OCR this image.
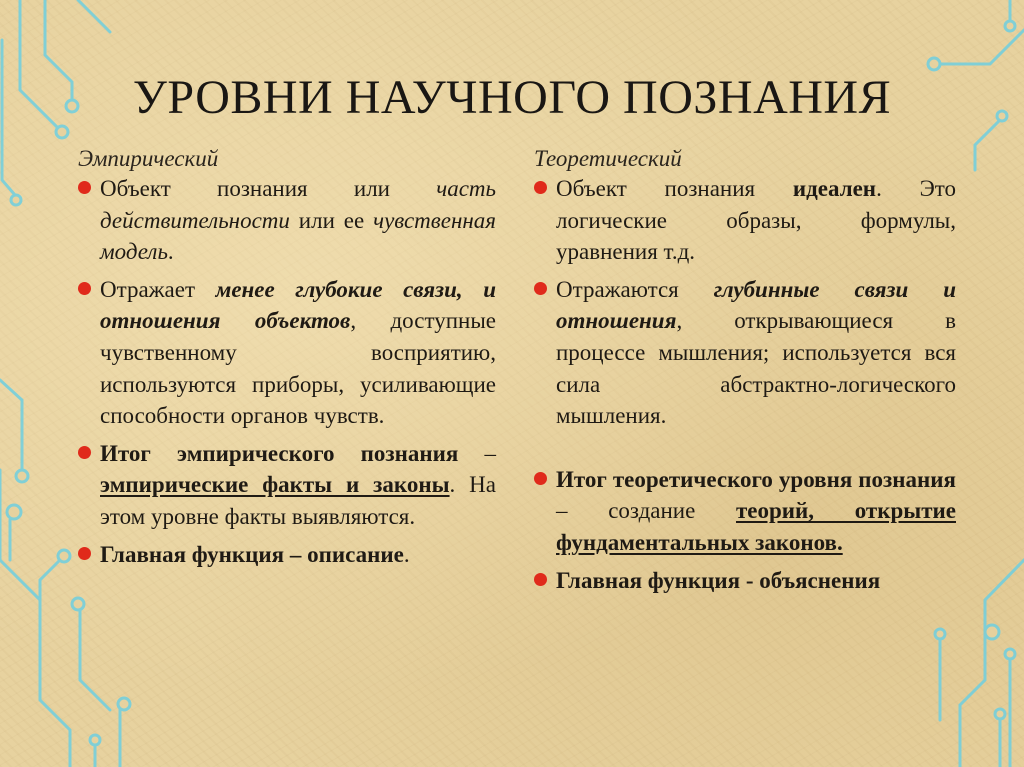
УРОВНИ НАУЧНОГО ПОЗНАНИЯ
Эмпирический
Объект познания или часть действительности или ее чувственная модель.
Отражает менее глубокие связи, и отношения объектов, доступные чувственному восприятию, используются приборы, усиливающие способности органов чувств.
Итог эмпирического познания – эмпирические факты и законы. На этом уровне факты выявляются.
Главная функция – описание.
Теоретический
Объект познания идеален. Это логические образы, формулы, уравнения т.д.
Отражаются глубинные связи и отношения, открывающиеся в процессе мышления; используется вся сила абстрактно-логического мышления.
Итог теоретического уровня познания – создание теорий, открытие фундаментальных законов.
Главная функция - объяснения
